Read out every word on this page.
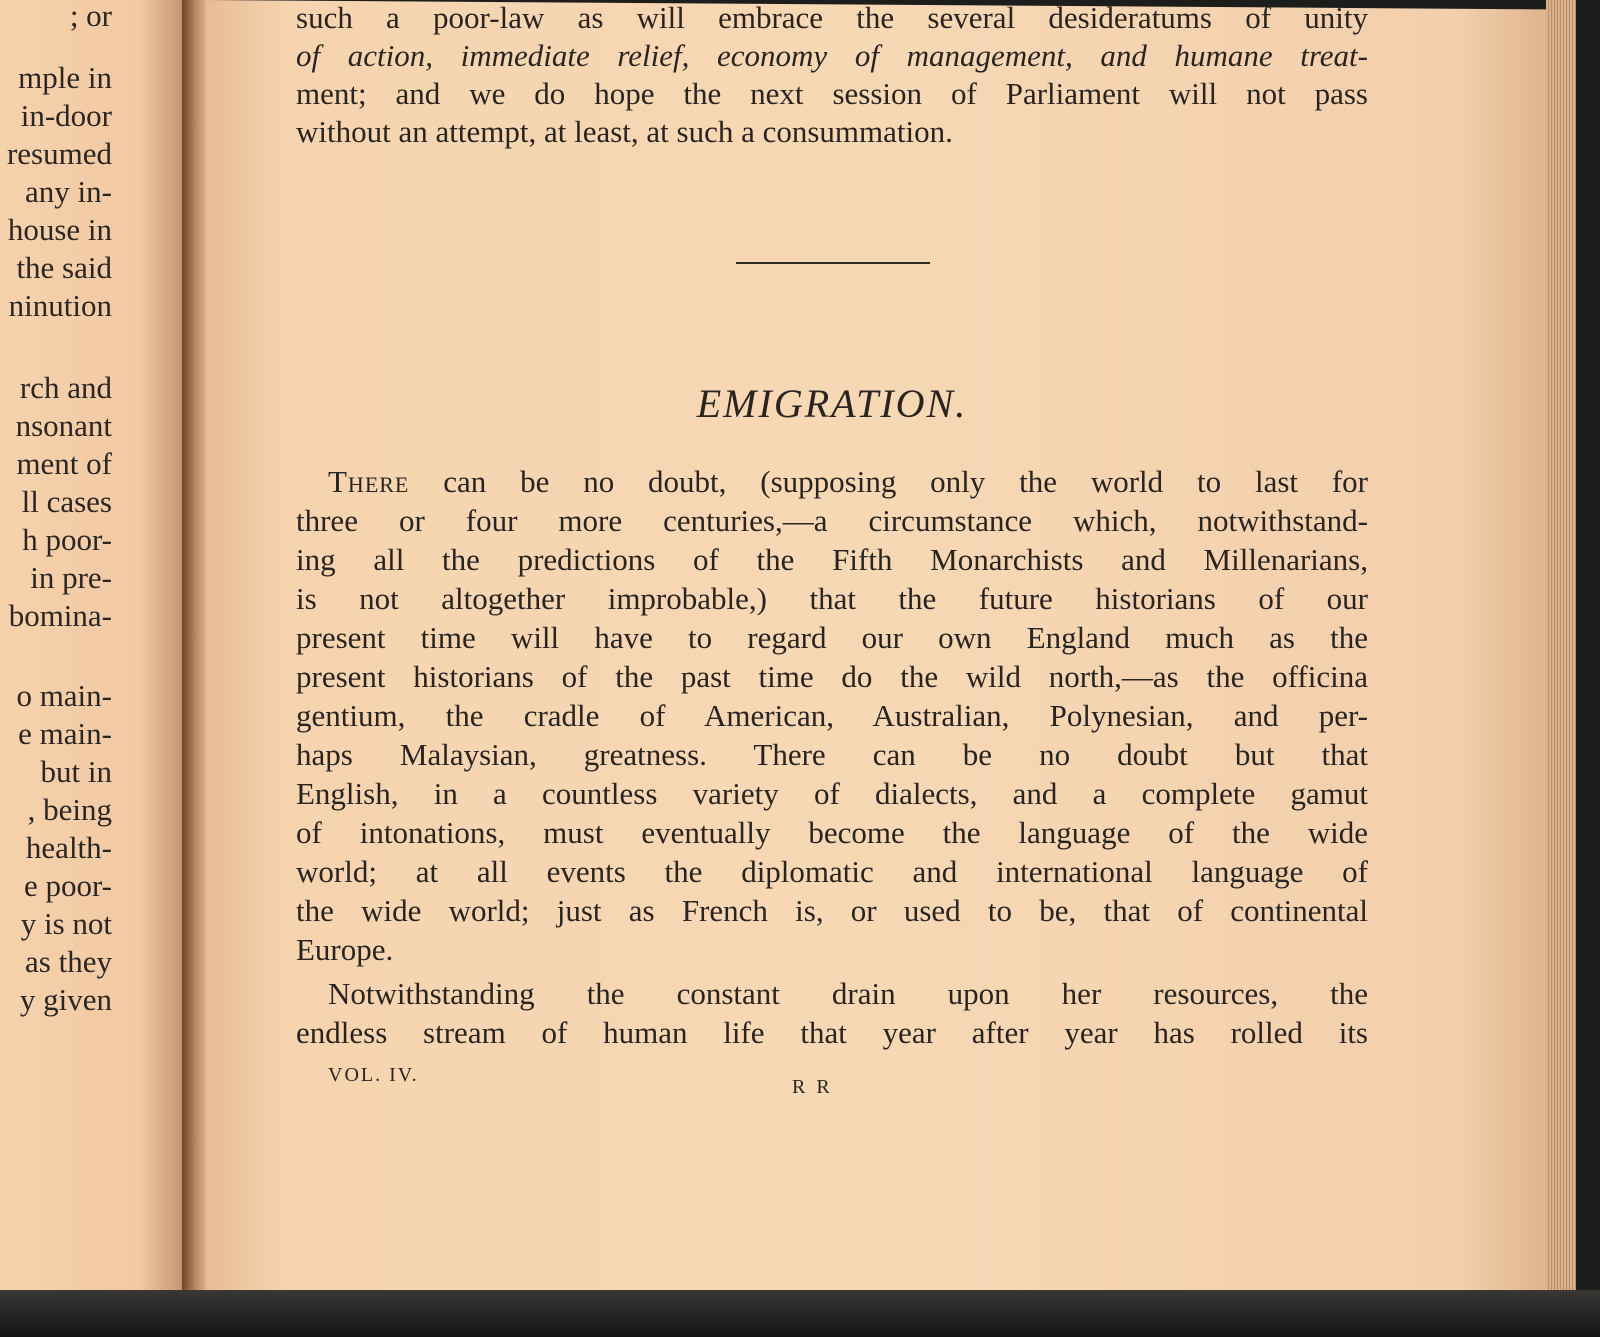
; or
mple in
in-door
resumed
any in-
house in
the said
ninution
rch and
nsonant
ment of
ll cases
h poor-
in pre-
bomina-
o main-
e main-
but in
, being
health-
e poor-
y is not
as they
y given
such a poor-law as will embrace the several desideratums of unity
of action, immediate relief, economy of management, and humane treat-
ment; and we do hope the next session of Parliament will not pass
without an attempt, at least, at such a consummation.
EMIGRATION.
There can be no doubt, (supposing only the world to last for
three or four more centuries,—a circumstance which, notwithstand-
ing all the predictions of the Fifth Monarchists and Millenarians,
is not altogether improbable,) that the future historians of our
present time will have to regard our own England much as the
present historians of the past time do the wild north,—as the officina
gentium, the cradle of American, Australian, Polynesian, and per-
haps Malaysian, greatness. There can be no doubt but that
English, in a countless variety of dialects, and a complete gamut
of intonations, must eventually become the language of the wide
world; at all events the diplomatic and international language of
the wide world; just as French is, or used to be, that of continental
Europe.
Notwithstanding the constant drain upon her resources, the
endless stream of human life that year after year has rolled its
VOL. IV.
R R
